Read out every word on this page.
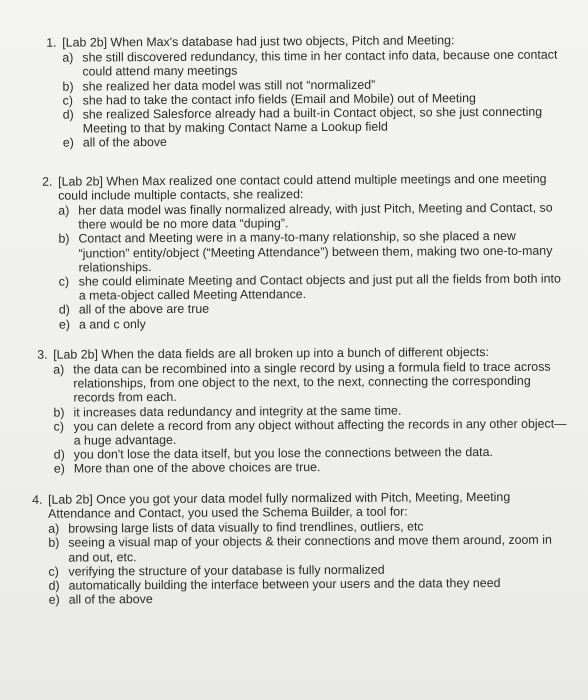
1. [Lab 2b] When Max's database had just two objects, Pitch and Meeting:
a) she still discovered redundancy, this time in her contact info data, because one contact could attend many meetings
b) she realized her data model was still not “normalized”
c) she had to take the contact info fields (Email and Mobile) out of Meeting
d) she realized Salesforce already had a built-in Contact object, so she just connecting Meeting to that by making Contact Name a Lookup field
e) all of the above
2. [Lab 2b] When Max realized one contact could attend multiple meetings and one meeting could include multiple contacts, she realized:
a) her data model was finally normalized already, with just Pitch, Meeting and Contact, so there would be no more data “duping”.
b) Contact and Meeting were in a many-to-many relationship, so she placed a new “junction” entity/object (“Meeting Attendance”) between them, making two one-to-many relationships.
c) she could eliminate Meeting and Contact objects and just put all the fields from both into a meta-object called Meeting Attendance.
d) all of the above are true
e) a and c only
3. [Lab 2b] When the data fields are all broken up into a bunch of different objects:
a) the data can be recombined into a single record by using a formula field to trace across relationships, from one object to the next, to the next, connecting the corresponding records from each.
b) it increases data redundancy and integrity at the same time.
c) you can delete a record from any object without affecting the records in any other object—a huge advantage.
d) you don't lose the data itself, but you lose the connections between the data.
e) More than one of the above choices are true.
4. [Lab 2b] Once you got your data model fully normalized with Pitch, Meeting, Meeting Attendance and Contact, you used the Schema Builder, a tool for:
a) browsing large lists of data visually to find trendlines, outliers, etc
b) seeing a visual map of your objects & their connections and move them around, zoom in and out, etc.
c) verifying the structure of your database is fully normalized
d) automatically building the interface between your users and the data they need
e) all of the above
